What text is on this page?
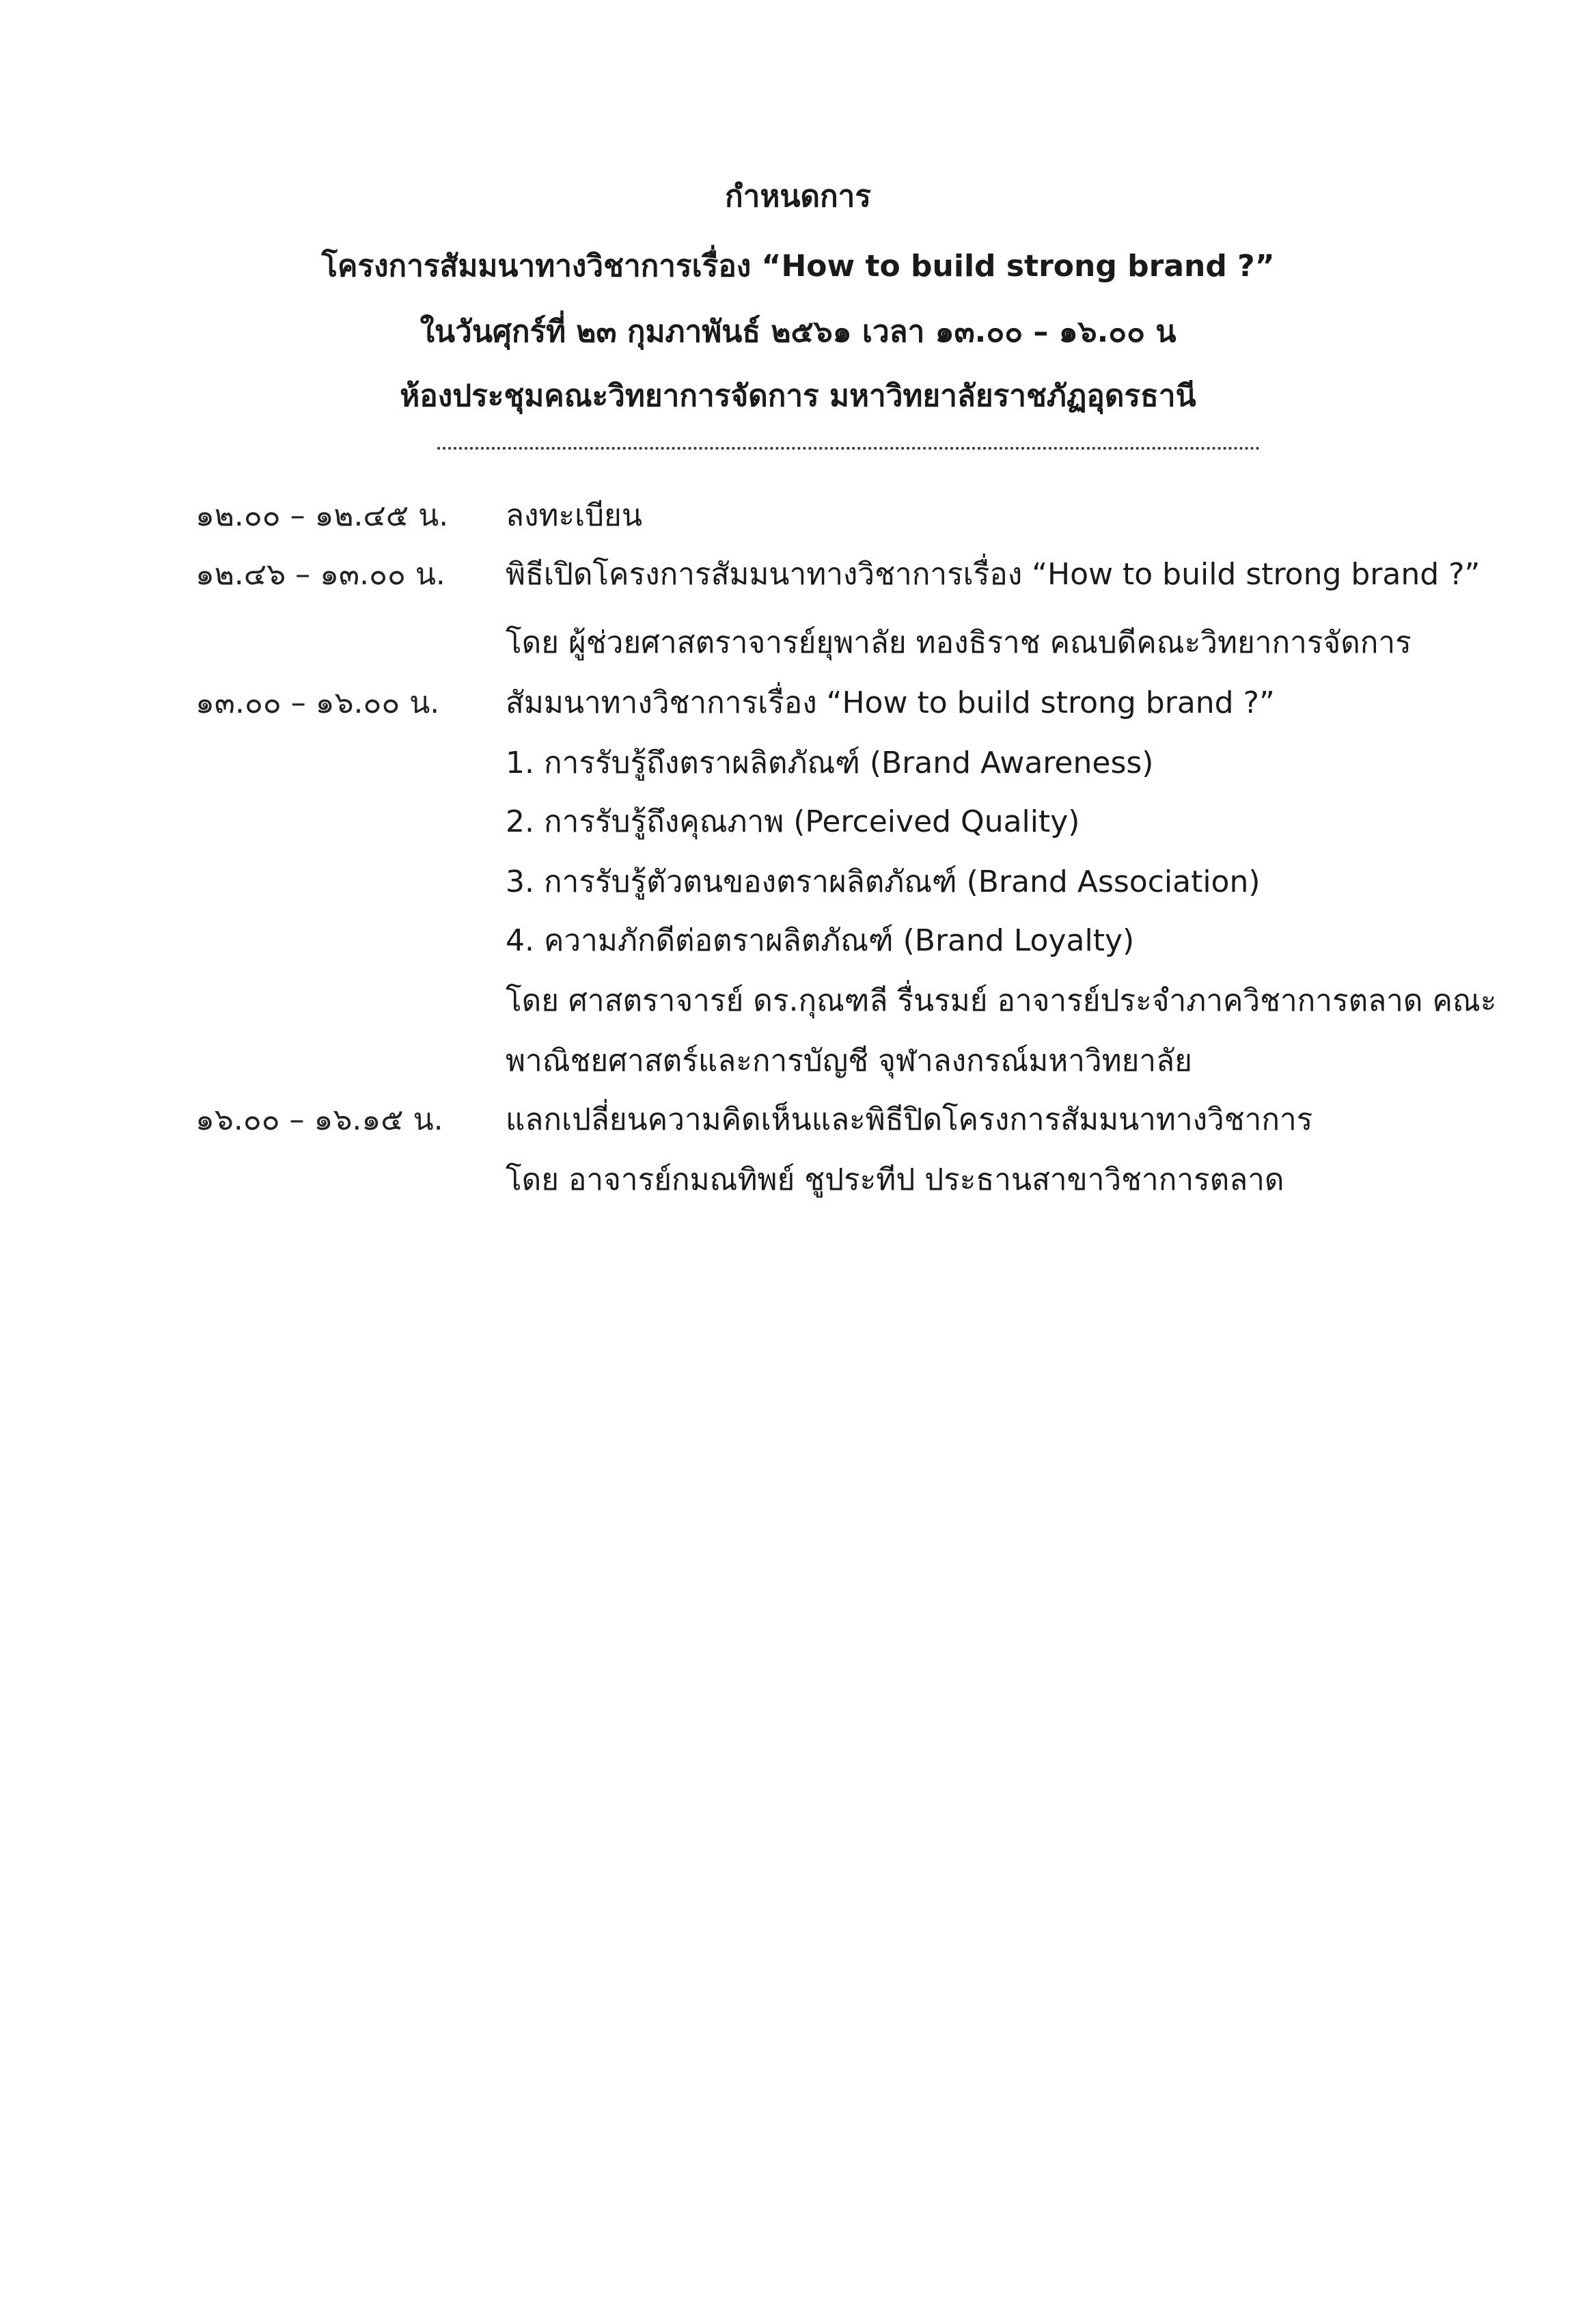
กำหนดการ
โครงการสัมมนาทางวิชาการเรื่อง “How to build strong brand ?”
ในวันศุกร์ที่ ๒๓ กุมภาพันธ์ ๒๕๖๑ เวลา ๑๓.๐๐ – ๑๖.๐๐ น
ห้องประชุมคณะวิทยาการจัดการ มหาวิทยาลัยราชภัฏอุดรธานี
๑๒.๐๐ – ๑๒.๔๕ น.	ลงทะเบียน
๑๒.๔๖ – ๑๓.๐๐ น.	พิธีเปิดโครงการสัมมนาทางวิชาการเรื่อง “How to build strong brand ?”
โดย ผู้ช่วยศาสตราจารย์ยุพาลัย ทองธิราช คณบดีคณะวิทยาการจัดการ
๑๓.๐๐ – ๑๖.๐๐ น.	สัมมนาทางวิชาการเรื่อง “How to build strong brand ?”
1. การรับรู้ถึงตราผลิตภัณฑ์ (Brand Awareness)
2. การรับรู้ถึงคุณภาพ (Perceived Quality)
3. การรับรู้ตัวตนของตราผลิตภัณฑ์ (Brand Association)
4. ความภักดีต่อตราผลิตภัณฑ์ (Brand Loyalty)
โดย ศาสตราจารย์ ดร.กุณฑลี รื่นรมย์ อาจารย์ประจำภาควิชาการตลาด คณะ
พาณิชยศาสตร์และการบัญชี จุฬาลงกรณ์มหาวิทยาลัย
๑๖.๐๐ – ๑๖.๑๕ น.	แลกเปลี่ยนความคิดเห็นและพิธีปิดโครงการสัมมนาทางวิชาการ
โดย อาจารย์กมณทิพย์ ชูประทีป ประธานสาขาวิชาการตลาด
